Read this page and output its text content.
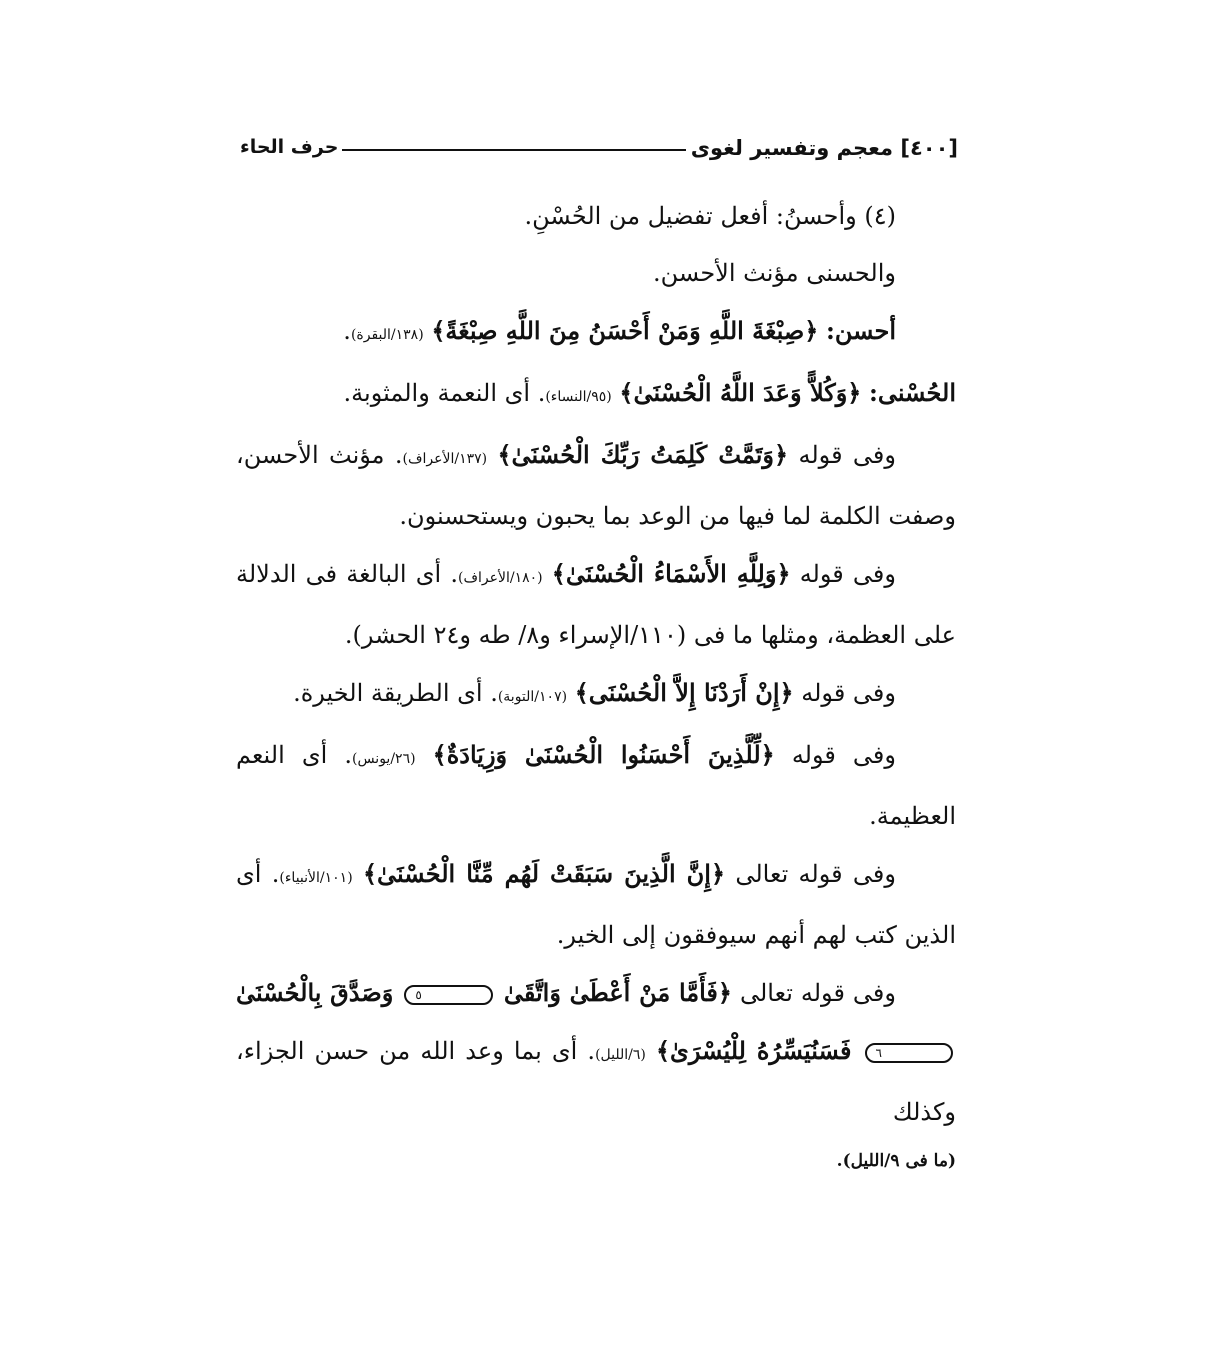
[٤٠٠] معجم وتفسير لغوى
حرف الحاء

(٤) وأحسنُ: أفعل تفضيل من الحُسْنِ.

والحسنى مؤنث الأحسن.

أحسن: ﴿صِبْغَةَ اللَّهِ وَمَنْ أَحْسَنُ مِنَ اللَّهِ صِبْغَةً﴾ (١٣٨/البقرة).

الحُسْنى: ﴿وَكُلاًّ وَعَدَ اللَّهُ الْحُسْنَىٰ﴾ (٩٥/النساء). أى النعمة والمثوبة.

وفى قوله ﴿وَتَمَّتْ كَلِمَتُ رَبِّكَ الْحُسْنَىٰ﴾ (١٣٧/الأعراف). مؤنث الأحسن، وصفت الكلمة لما فيها من الوعد بما يحبون ويستحسنون.

وفى قوله ﴿وَلِلَّهِ الأَسْمَاءُ الْحُسْنَىٰ﴾ (١٨٠/الأعراف). أى البالغة فى الدلالة على العظمة، ومثلها ما فى (١١٠/الإسراء و٨/ طه و٢٤ الحشر).

وفى قوله ﴿إِنْ أَرَدْنَا إِلاَّ الْحُسْنَى﴾ (١٠٧/التوبة). أى الطريقة الخيرة.

وفى قوله ﴿لِّلَّذِينَ أَحْسَنُوا الْحُسْنَىٰ وَزِيَادَةٌ﴾ (٢٦/يونس). أى النعم العظيمة.

وفى قوله تعالى ﴿إِنَّ الَّذِينَ سَبَقَتْ لَهُم مِّنَّا الْحُسْنَىٰ﴾ (١٠١/الأنبياء). أى الذين كتب لهم أنهم سيوفقون إلى الخير.

وفى قوله تعالى ﴿فَأَمَّا مَنْ أَعْطَىٰ وَاتَّقَىٰ ٥ وَصَدَّقَ بِالْحُسْنَىٰ ٦ فَسَنُيَسِّرُهُ لِلْيُسْرَىٰ﴾ (٦/الليل). أى بما وعد الله من حسن الجزاء، وكذلك

(ما فى ٩/الليل).
